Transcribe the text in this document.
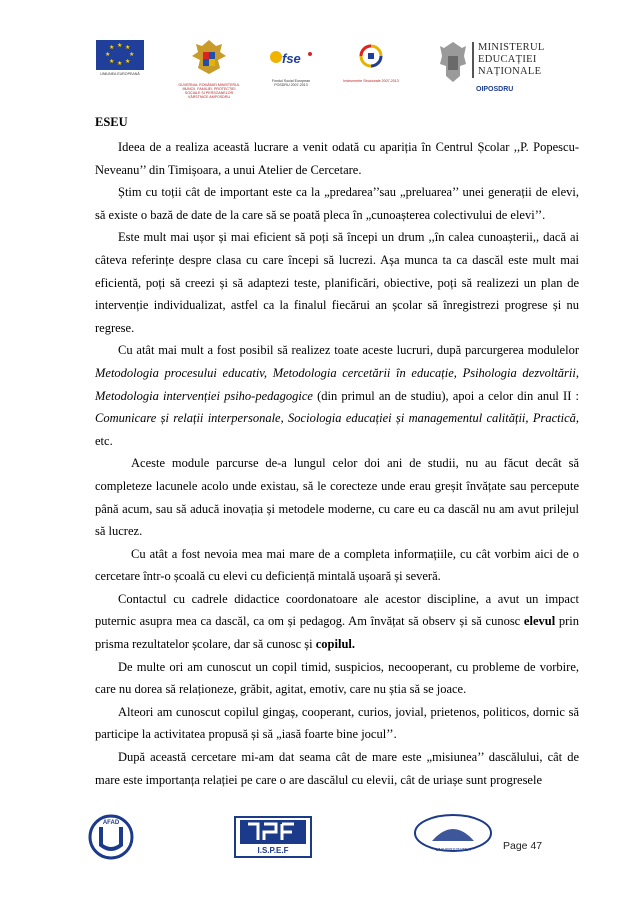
★ ★
★
★
★
★
★
★
UNIUNEA EUROPEANĂ
GUVERNUL ROMÂNIEI MINISTERUL MUNCII, FAMILIEI, PROTECȚIEI SOCIALE ȘI PERSOANELOR VÂRSTNICE AMPOSDRU
fse
Fondul Social European POSDRU 2007-2013
Instrumente Structurale 2007-2013
MINISTERUL
EDUCAȚIEI
NAȚIONALE
OIPOSDRU
ESEU

Ideea de a realiza această lucrare a venit odată cu apariția în Centrul Școlar ,,P. Popescu-Neveanu’’ din Timișoara, a unui Atelier de Cercetare.

Știm cu toții cât de important este ca la „predarea’’sau „preluarea’’ unei generații de elevi, să existe o bază de date de la care să se poată pleca în „cunoașterea colectivului de elevi’’.

Este mult mai ușor și mai eficient să poți să începi un drum ,,în calea cunoașterii,, dacă ai câteva referințe despre clasa cu care începi să lucrezi. Așa munca ta ca dascăl este mult mai eficientă, poți să creezi și să adaptezi teste, planificări, obiective, poți să realizezi un plan de intervenție individualizat, astfel ca la finalul fiecărui an școlar să înregistrezi progrese și nu regrese.

Cu atât mai mult a fost posibil să realizez toate aceste lucruri, după parcurgerea modulelor Metodologia procesului educativ, Metodologia cercetării în educație, Psihologia dezvoltării, Metodologia intervenției psiho-pedagogice (din primul an de studiu), apoi a celor din anul II : Comunicare și relații interpersonale, Sociologia educației și managementul calității, Practică, etc.

Aceste module parcurse de-a lungul celor doi ani de studii, nu au făcut decât să completeze lacunele acolo unde existau, să le corecteze unde erau greșit învățate sau percepute până acum, sau să aducă inovația și metodele moderne, cu care eu ca dascăl nu am avut prilejul să lucrez.

Cu atât a fost nevoia mea mai mare de a completa informațiile, cu cât vorbim aici de o cercetare într-o școală cu elevi cu deficiență mintală ușoară și severă.

Contactul cu cadrele didactice coordonatoare ale acestor discipline, a avut un impact puternic asupra mea ca dascăl, ca om și pedagog. Am învățat să observ și să cunosc elevul prin prisma rezultatelor școlare, dar să cunosc și copilul.

De multe ori am cunoscut un copil timid, suspicios, necooperant, cu probleme de vorbire, care nu dorea să relaționeze, grăbit, agitat, emotiv, care nu știa să se joace.

Alteori am cunoscut copilul gingaș, cooperant, curios, jovial, prietenos, politicos, dornic să participe la activitatea propusă și să „iasă foarte bine jocul’’.

După această cercetare mi-am dat seama cât de mare este „misiunea’’ dascălului, cât de mare este importanța relației pe care o are dascălul cu elevii, cât de uriașe sunt progresele

AFAD
I.S.P.E.F	UNIVERSITATEA	Page 47
